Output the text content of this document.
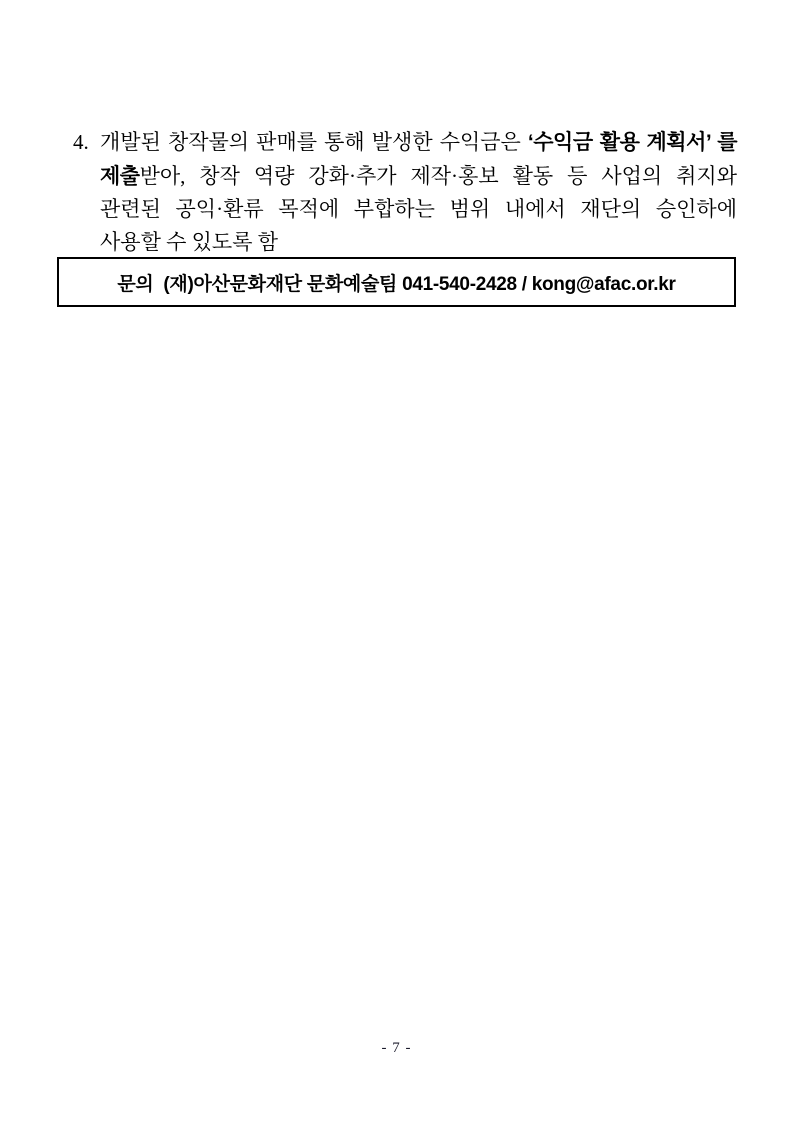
4. 개발된 창작물의 판매를 통해 발생한 수익금은 ‘수익금 활용 계획서’ 를
제출받아, 창작 역량 강화·추가 제작·홍보 활동 등 사업의 취지와
관련된 공익·환류 목적에 부합하는 범위 내에서 재단의 승인하에
사용할 수 있도록 함
문의  (재)아산문화재단 문화예술팀 041-540-2428 / kong@afac.or.kr
- 7 -
